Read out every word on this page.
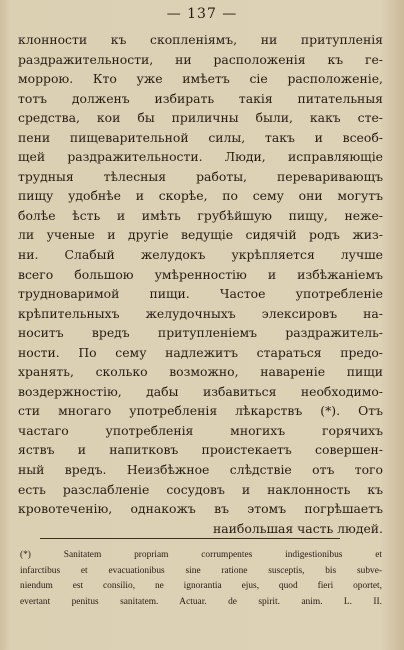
— 137 —
клонности къ скопленіямъ, ни притупленія
раздражительности, ни расположенія къ ге-
моррою. Кто уже имѣетъ сіе расположеніе,
тотъ долженъ избирать такія питательныя
средства, кои бы приличны были, какъ сте-
пени пищеварительной силы, такъ и всеоб-
щей раздражительности. Люди, исправляющіе
трудныя тѣлесныя работы, переваривающъ
пищу удобнѣе и скорѣе, по сему они могутъ
болѣе ѣсть и имѣть грубѣйшую пищу, неже-
ли ученые и другіе ведущіе сидячій родъ жиз-
ни. Слабый желудокъ укрѣпляется лучше
всего большою умѣренностію и избѣжаніемъ
трудноваримой пищи. Частое употребленіе
крѣпительныхъ желудочныхъ элексировъ на-
носитъ вредъ притупленіемъ раздражитель-
ности. По сему надлежитъ стараться предо-
хранять, сколько возможно, навареніе пищи
воздержностію, дабы избавиться необходимо-
сти многаго употребленія лѣкарствъ (*). Отъ
частаго употребленія многихъ горячихъ
яствъ и напитковъ проистекаетъ совершен-
ный вредъ. Неизбѣжное слѣдствіе отъ того
есть разслабленіе сосудовъ и наклонность къ
кровотеченію, однакожъ въ этомъ погрѣшаетъ
наибольшая часть людей.
(*) Sanitatem propriam corrumpentes indigestionibus et
infarctibus et evacuationibus sine ratione susceptis, bis subve-
niendum est consilio, ne ignorantia ejus, quod fieri oportet,
evertant penitus sanitatem. Actuar. de spirit. anim. L. II.
